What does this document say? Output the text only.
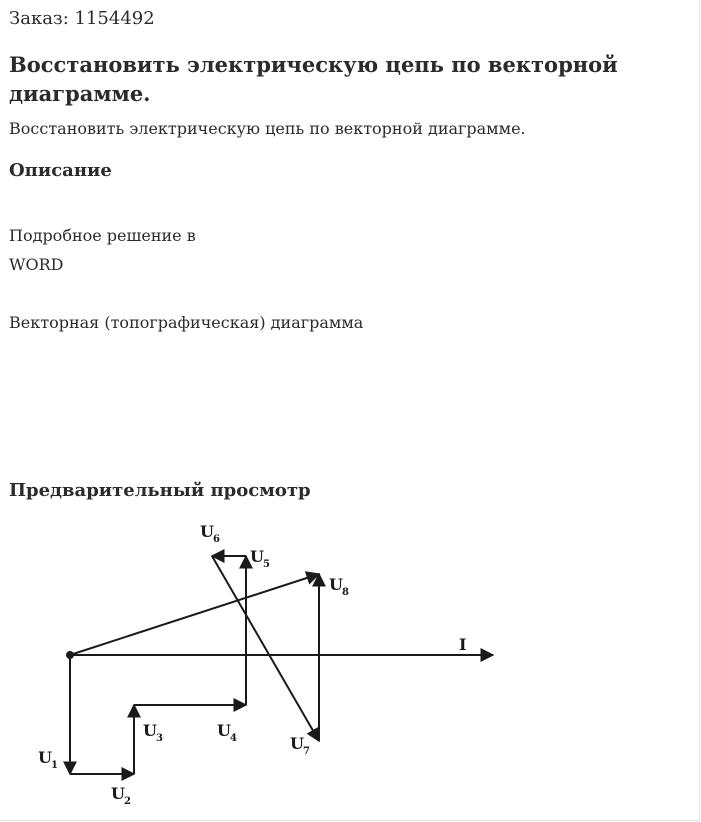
Заказ: 1154492

Восстановить электрическую цепь по векторной диаграмме.

Восстановить электрическую цепь по векторной диаграмме.

Описание

Подробное решение в

WORD

Векторная (топографическая) диаграмма

Предварительный просмотр
I
U 1
U 2
U 3	U 4
U 5
U 6
U 7
U 8
